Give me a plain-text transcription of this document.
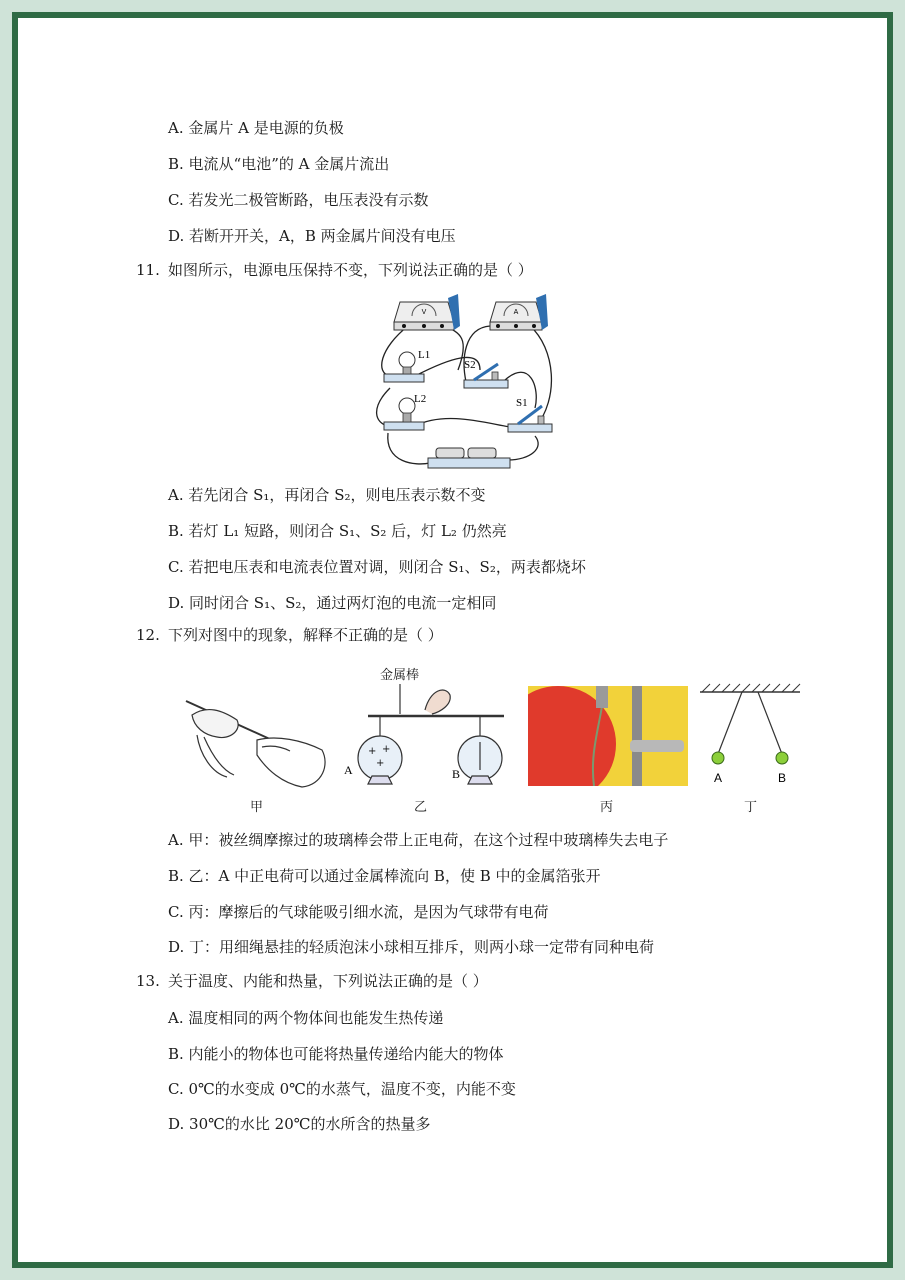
A. 金属片 A 是电源的负极
B. 电流从“电池”的 A 金属片流出
C. 若发光二极管断路，电压表没有示数
D. 若断开开关，A，B 两金属片间没有电压
11. 如图所示，电源电压保持不变，下列说法正确的是（ ）
V	A
L1
L2
S2
S1
A. 若先闭合 S₁，再闭合 S₂，则电压表示数不变
B. 若灯 L₁ 短路，则闭合 S₁、S₂ 后，灯 L₂ 仍然亮
C. 若把电压表和电流表位置对调，则闭合 S₁、S₂，两表都烧坏
D. 同时闭合 S₁、S₂，通过两灯泡的电流一定相同
12. 下列对图中的现象，解释不正确的是（ ）
金属棒
+ +
+
A	B	A	B
甲	乙	丙	丁
A. 甲：被丝绸摩擦过的玻璃棒会带上正电荷，在这个过程中玻璃棒失去电子
B. 乙：A 中正电荷可以通过金属棒流向 B，使 B 中的金属箔张开
C. 丙：摩擦后的气球能吸引细水流，是因为气球带有电荷
D. 丁：用细绳悬挂的轻质泡沫小球相互排斥，则两小球一定带有同种电荷
13. 关于温度、内能和热量，下列说法正确的是（ ）
A. 温度相同的两个物体间也能发生热传递
B. 内能小的物体也可能将热量传递给内能大的物体
C. 0℃的水变成 0℃的水蒸气，温度不变，内能不变
D. 30℃的水比 20℃的水所含的热量多
